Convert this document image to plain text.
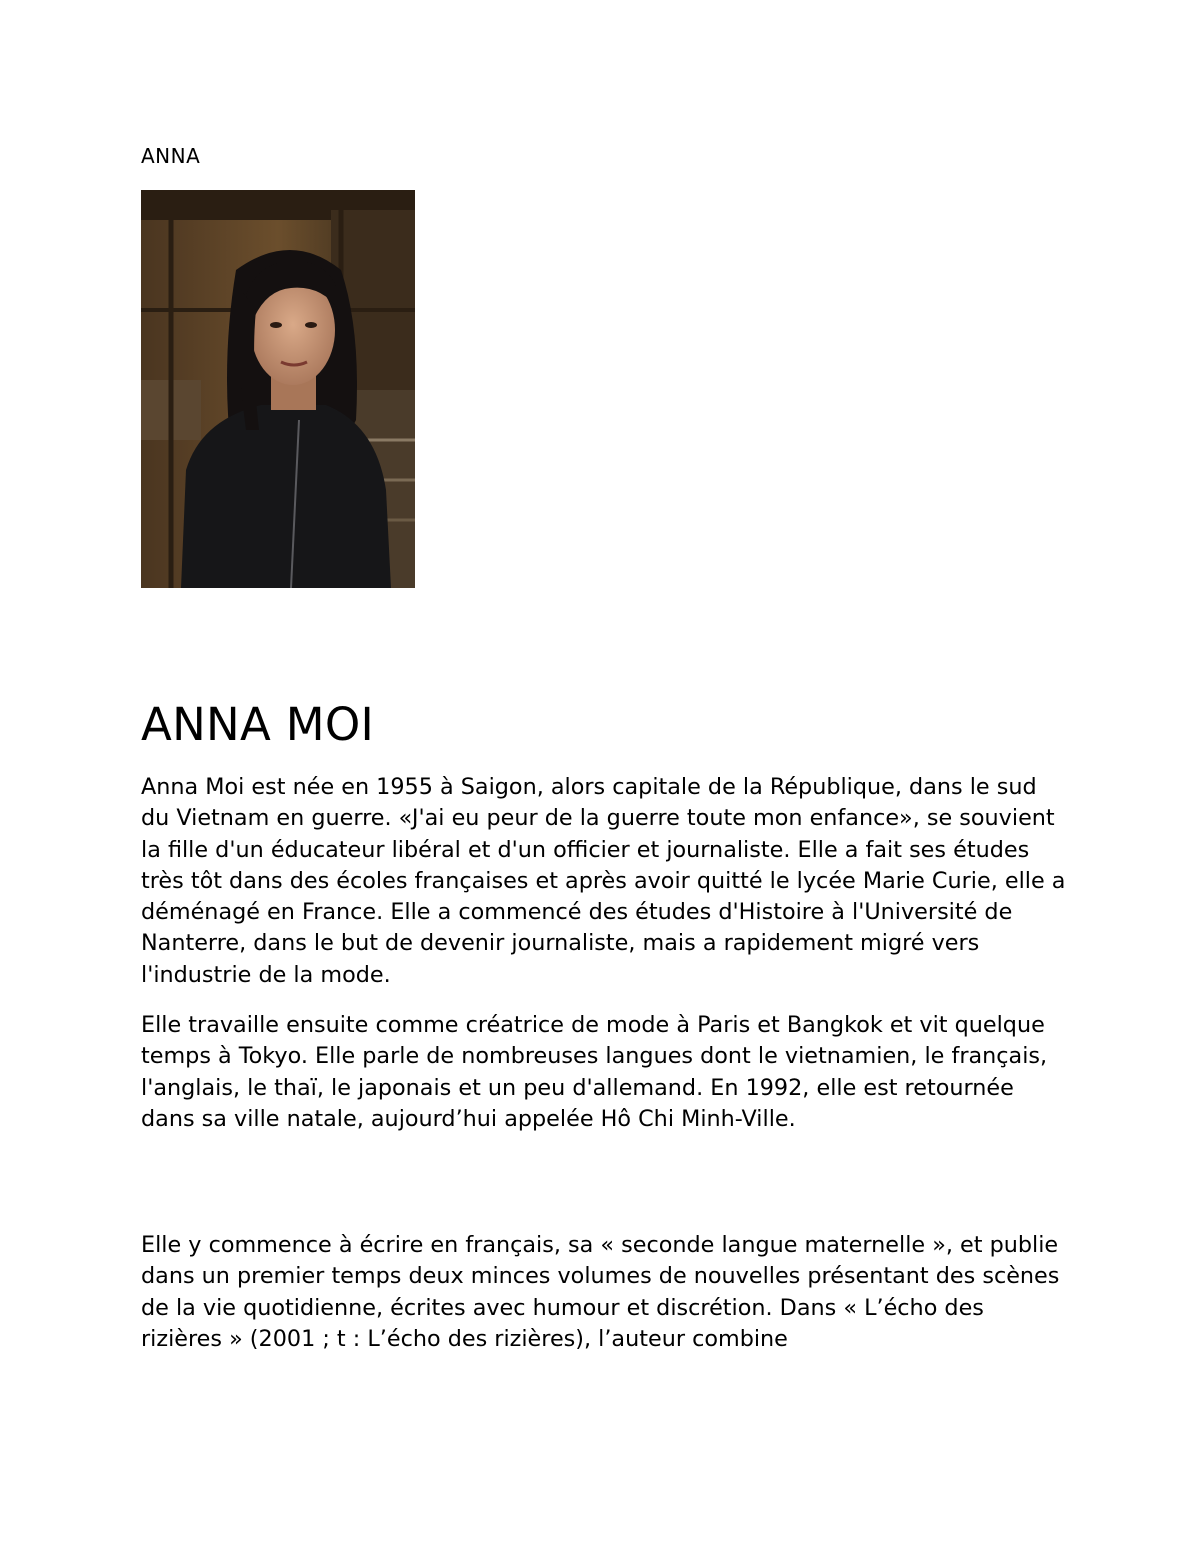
ANNA
ANNA MOI

Anna Moi est née en 1955 à Saigon, alors capitale de la République, dans le sud du Vietnam en guerre. «J'ai eu peur de la guerre toute mon enfance», se souvient la fille d'un éducateur libéral et d'un officier et journaliste. Elle a fait ses études très tôt dans des écoles françaises et après avoir quitté le lycée Marie Curie, elle a déménagé en France. Elle a commencé des études d'Histoire à l'Université de Nanterre, dans le but de devenir journaliste, mais a rapidement migré vers l'industrie de la mode.

Elle travaille ensuite comme créatrice de mode à Paris et Bangkok et vit quelque temps à Tokyo. Elle parle de nombreuses langues dont le vietnamien, le français, l'anglais, le thaï, le japonais et un peu d'allemand. En 1992, elle est retournée dans sa ville natale, aujourd’hui appelée Hô Chi Minh-Ville.

Elle y commence à écrire en français, sa « seconde langue maternelle », et publie dans un premier temps deux minces volumes de nouvelles présentant des scènes de la vie quotidienne, écrites avec humour et discrétion. Dans « L’écho des rizières » (2001 ; t : L’écho des rizières), l’auteur combine
